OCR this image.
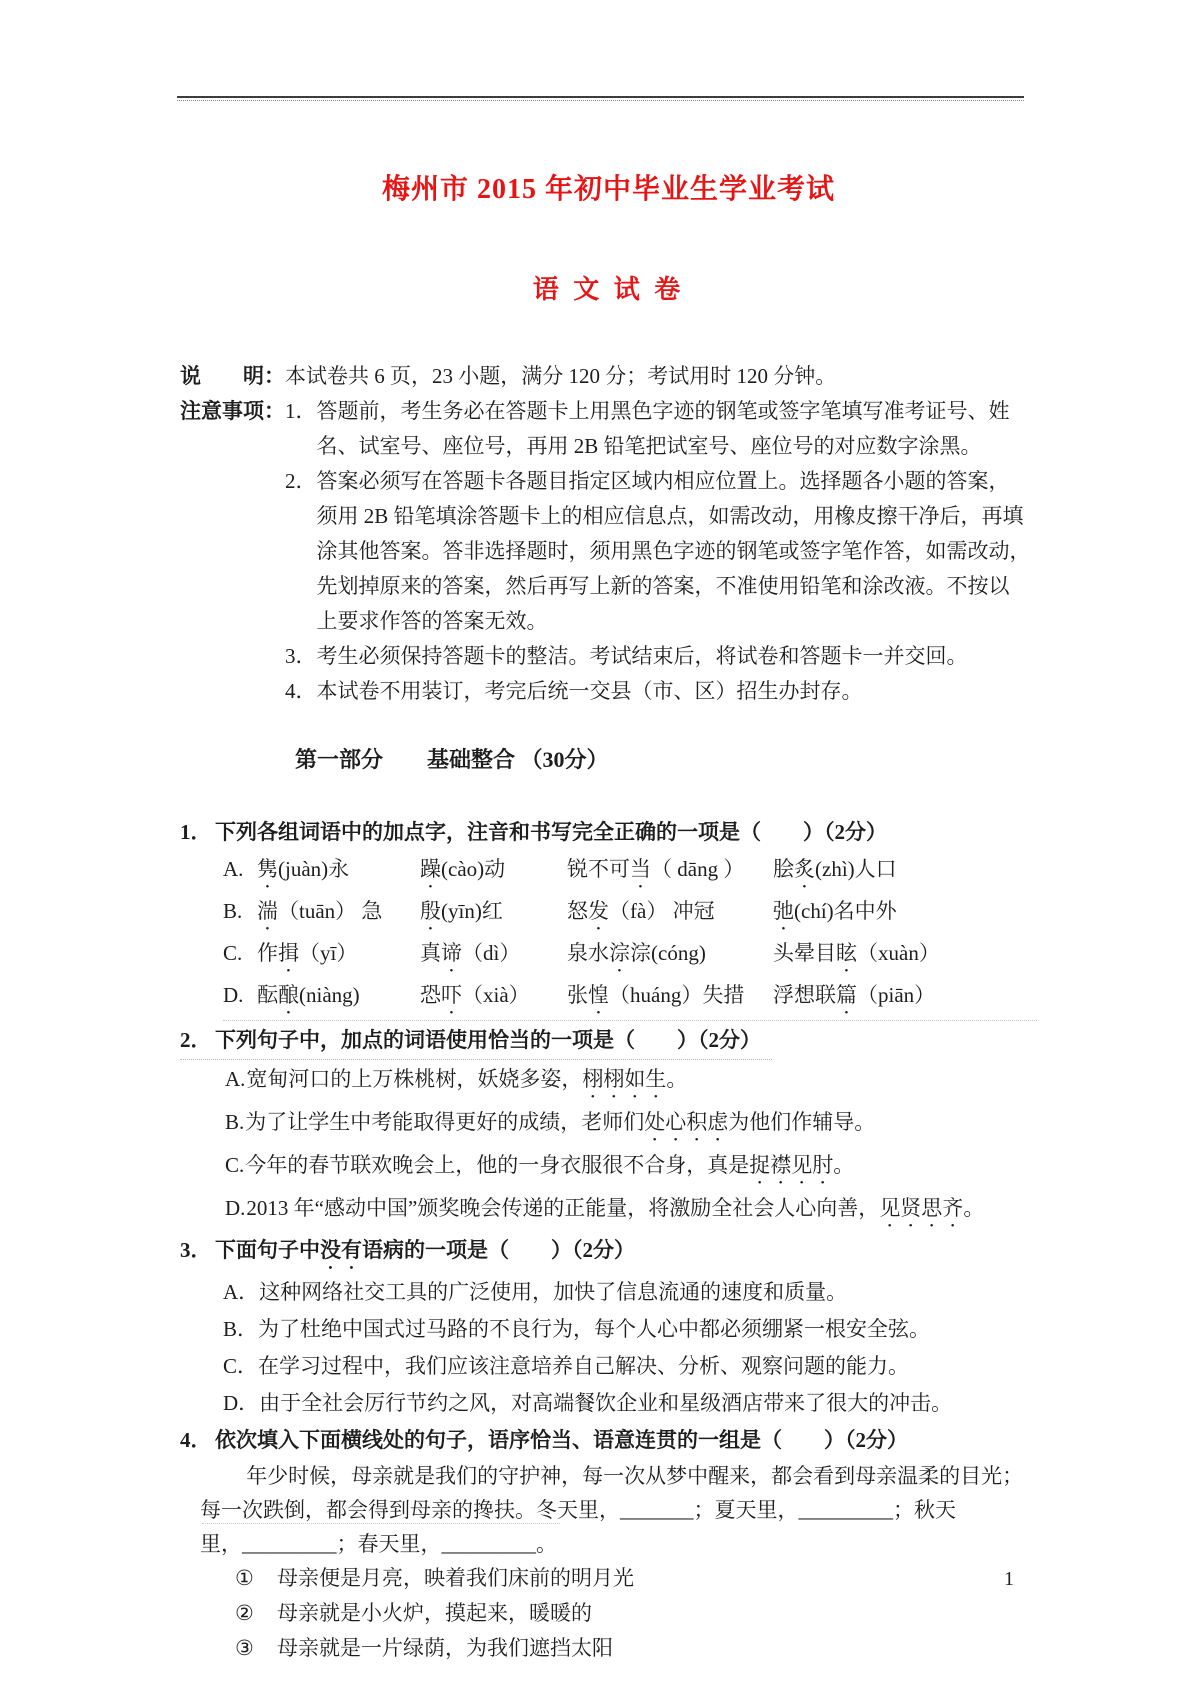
梅州市 2015 年初中毕业生学业考试
语 文 试 卷
说　　明： 本试卷共 6 页，23 小题，满分 120 分；考试用时 120 分钟。
注意事项： 1． 答题前，考生务必在答题卡上用黑色字迹的钢笔或签字笔填写准考证号、姓
名、试室号、座位号，再用 2B 铅笔把试室号、座位号的对应数字涂黑。
2． 答案必须写在答题卡各题目指定区域内相应位置上。选择题各小题的答案，
须用 2B 铅笔填涂答题卡上的相应信息点，如需改动，用橡皮擦干净后，再填
涂其他答案。答非选择题时，须用黑色字迹的钢笔或签字笔作答，如需改动，
先划掉原来的答案，然后再写上新的答案，不准使用铅笔和涂改液。不按以
上要求作答的答案无效。
3． 考生必须保持答题卡的整洁。考试结束后，将试卷和答题卡一并交回。
4． 本试卷不用装订，考完后统一交县（市、区）招生办封存。
第一部分　　基础整合 （30分）
1． 下列各组词语中的加点字，注音和书写完全正确的一项是（　　）（2分）
A. 隽(juàn)永	躁(cào)动	锐不可当（ dāng ）	脍炙(zhì)人口
B. 湍（tuān） 急	殷(yīn)红	怒发（fà） 冲冠	弛(chí)名中外
C. 作揖（yī）	真谛（dì）	泉水淙淙(cóng)	头晕目眩（xuàn）
D. 酝酿(niàng)	恐吓（xià）	张惶（huáng）失措	浮想联篇（piān）
2． 下列句子中，加点的词语使用恰当的一项是（　　）（2分）
A. 宽甸河口的上万株桃树，妖娆多姿，栩栩如生。
B. 为了让学生中考能取得更好的成绩，老师们处心积虑为他们作辅导。
C. 今年的春节联欢晚会上，他的一身衣服很不合身，真是捉襟见肘。
D. 2013 年“感动中国”颁奖晚会传递的正能量，将激励全社会人心向善，见贤思齐。
3． 下面句子中没有语病的一项是（　　）（2分）
A． 这种网络社交工具的广泛使用，加快了信息流通的速度和质量。
B． 为了杜绝中国式过马路的不良行为，每个人心中都必须绷紧一根安全弦。
C． 在学习过程中，我们应该注意培养自己解决、分析、观察问题的能力。
D． 由于全社会厉行节约之风，对高端餐饮企业和星级酒店带来了很大的冲击。
4． 依次填入下面横线处的句子，语序恰当、语意连贯的一组是（　　）（2分）
年少时候，母亲就是我们的守护神，每一次从梦中醒来，都会看到母亲温柔的目光；
每一次跌倒，都会得到母亲的搀扶。冬天里，_______；夏天里，_________；秋天
里，_________；春天里，_________。
①	母亲便是月亮，映着我们床前的明月光
②	母亲就是小火炉，摸起来，暖暖的
③	母亲就是一片绿荫，为我们遮挡太阳
1
